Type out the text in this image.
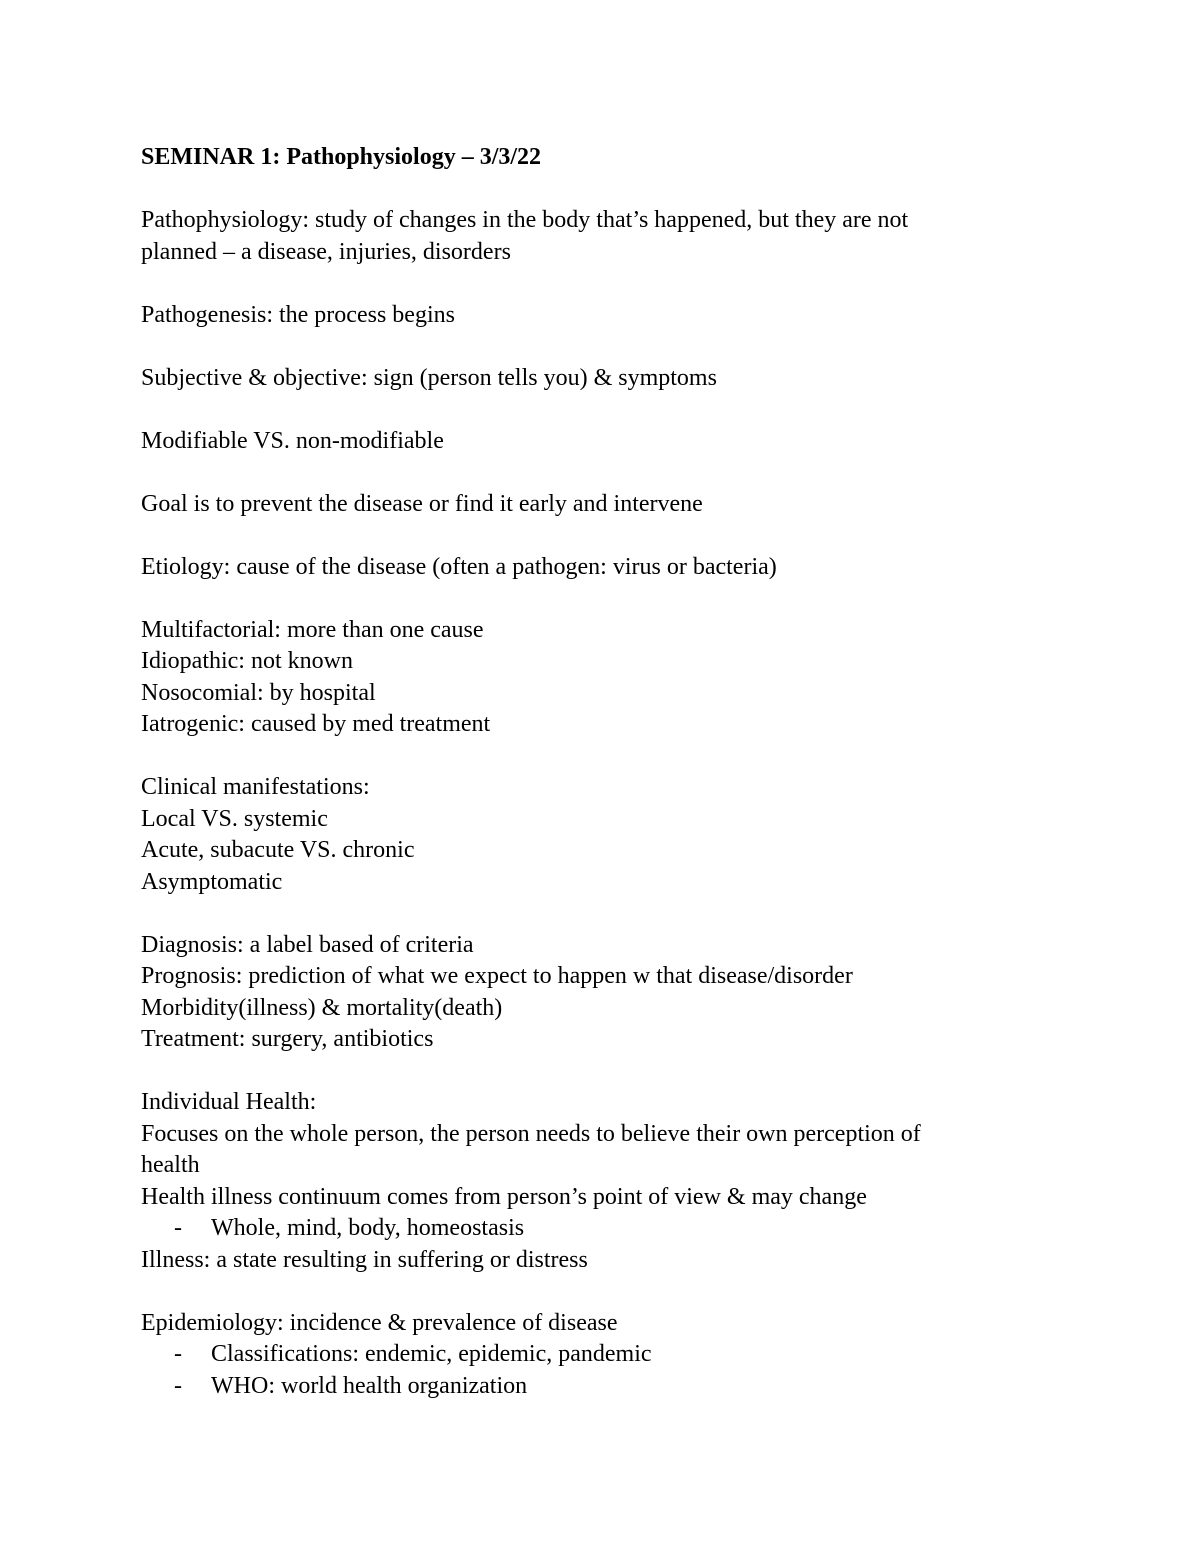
SEMINAR 1: Pathophysiology – 3/3/22
Pathophysiology: study of changes in the body that’s happened, but they are not
planned – a disease, injuries, disorders
Pathogenesis: the process begins
Subjective & objective: sign (person tells you) & symptoms
Modifiable VS. non-modifiable
Goal is to prevent the disease or find it early and intervene
Etiology: cause of the disease (often a pathogen: virus or bacteria)
Multifactorial: more than one cause
Idiopathic: not known
Nosocomial: by hospital
Iatrogenic: caused by med treatment
Clinical manifestations:
Local VS. systemic
Acute, subacute VS. chronic
Asymptomatic
Diagnosis: a label based of criteria
Prognosis: prediction of what we expect to happen w that disease/disorder
Morbidity(illness) & mortality(death)
Treatment: surgery, antibiotics
Individual Health:
Focuses on the whole person, the person needs to believe their own perception of
health
Health illness continuum comes from person’s point of view & may change
- Whole, mind, body, homeostasis
Illness: a state resulting in suffering or distress
Epidemiology: incidence & prevalence of disease
- Classifications: endemic, epidemic, pandemic
- WHO: world health organization
